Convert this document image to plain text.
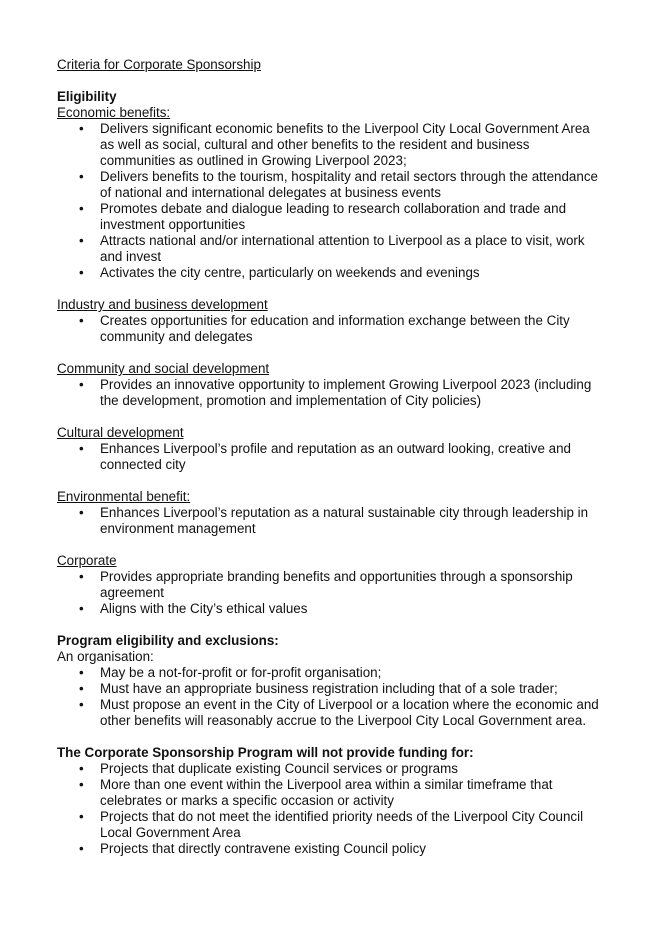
Criteria for Corporate Sponsorship
Eligibility
Economic benefits:
• Delivers significant economic benefits to the Liverpool City Local Government Area as well as social, cultural and other benefits to the resident and business communities as outlined in Growing Liverpool 2023;
• Delivers benefits to the tourism, hospitality and retail sectors through the attendance of national and international delegates at business events
• Promotes debate and dialogue leading to research collaboration and trade and investment opportunities
• Attracts national and/or international attention to Liverpool as a place to visit, work and invest
• Activates the city centre, particularly on weekends and evenings
Industry and business development
• Creates opportunities for education and information exchange between the City community and delegates
Community and social development
• Provides an innovative opportunity to implement Growing Liverpool 2023 (including the development, promotion and implementation of City policies)
Cultural development
• Enhances Liverpool’s profile and reputation as an outward looking, creative and connected city
Environmental benefit:
• Enhances Liverpool’s reputation as a natural sustainable city through leadership in environment management
Corporate
• Provides appropriate branding benefits and opportunities through a sponsorship agreement
• Aligns with the City’s ethical values
Program eligibility and exclusions:
An organisation:
• May be a not-for-profit or for-profit organisation;
• Must have an appropriate business registration including that of a sole trader;
• Must propose an event in the City of Liverpool or a location where the economic and other benefits will reasonably accrue to the Liverpool City Local Government area.
The Corporate Sponsorship Program will not provide funding for:
• Projects that duplicate existing Council services or programs
• More than one event within the Liverpool area within a similar timeframe that celebrates or marks a specific occasion or activity
• Projects that do not meet the identified priority needs of the Liverpool City Council Local Government Area
• Projects that directly contravene existing Council policy
